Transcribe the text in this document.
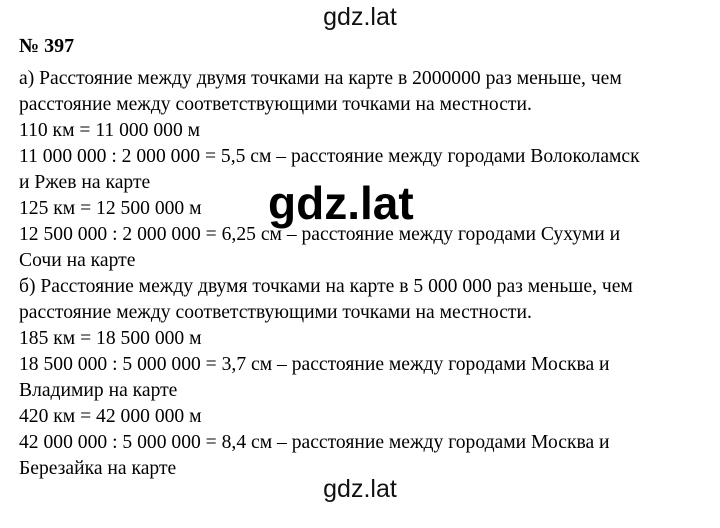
gdz.lat
№ 397
а) Расстояние между двумя точками на карте в 2000000 раз меньше, чем
расстояние между соответствующими точками на местности.
110 км = 11 000 000 м
11 000 000 : 2 000 000 = 5,5 см – расстояние между городами Волоколамск
и Ржев на карте
125 км = 12 500 000 м
12 500 000 : 2 000 000 = 6,25 см – расстояние между городами Сухуми и
Сочи на карте
б) Расстояние между двумя точками на карте в 5 000 000 раз меньше, чем
расстояние между соответствующими точками на местности.
185 км = 18 500 000 м
18 500 000 : 5 000 000 = 3,7 см – расстояние между городами Москва и
Владимир на карте
420 км = 42 000 000 м
42 000 000 : 5 000 000 = 8,4 см – расстояние между городами Москва и
Березайка на карте
gdz.lat
gdz.lat
